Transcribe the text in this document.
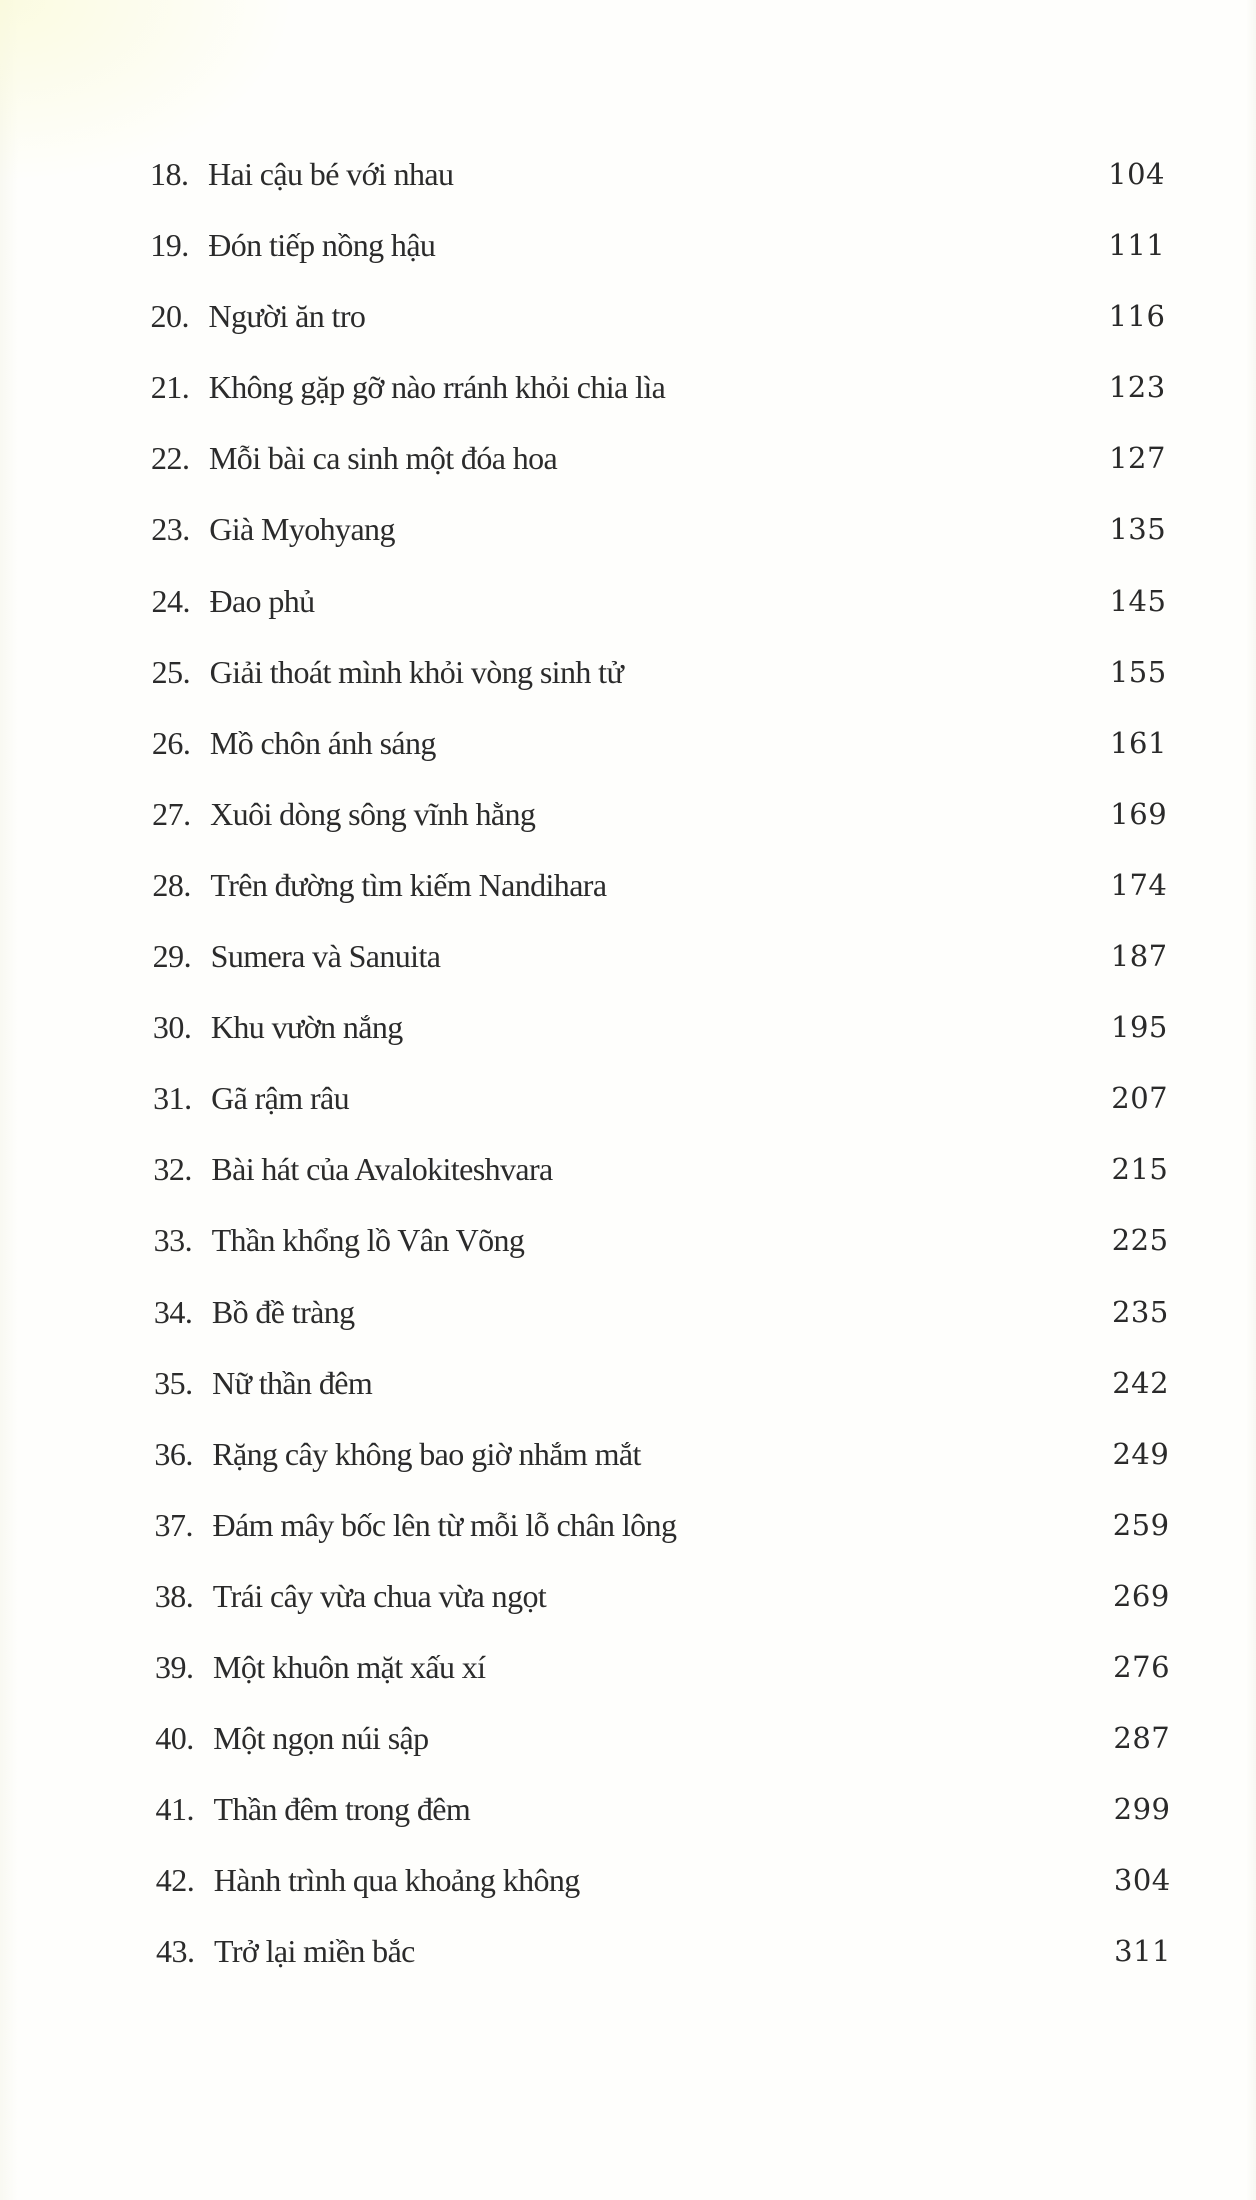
18. Hai cậu bé với nhau	104
19. Đón tiếp nồng hậu	111
20. Người ăn tro	116
21. Không gặp gỡ nào rránh khỏi chia lìa	123
22. Mỗi bài ca sinh một đóa hoa	127
23. Già Myohyang	135
24. Đao phủ	145
25. Giải thoát mình khỏi vòng sinh tử	155
26. Mồ chôn ánh sáng	161
27. Xuôi dòng sông vĩnh hằng	169
28. Trên đường tìm kiếm Nandihara	174
29. Sumera và Sanuita	187
30. Khu vườn nắng	195
31. Gã rậm râu	207
32. Bài hát của Avalokiteshvara	215
33. Thần khổng lồ Vân Võng	225
34. Bồ đề tràng	235
35. Nữ thần đêm	242
36. Rặng cây không bao giờ nhắm mắt	249
37. Đám mây bốc lên từ mỗi lỗ chân lông	259
38. Trái cây vừa chua vừa ngọt	269
39. Một khuôn mặt xấu xí	276
40. Một ngọn núi sập	287
41. Thần đêm trong đêm	299
42. Hành trình qua khoảng không	304
43. Trở lại miền bắc	311
